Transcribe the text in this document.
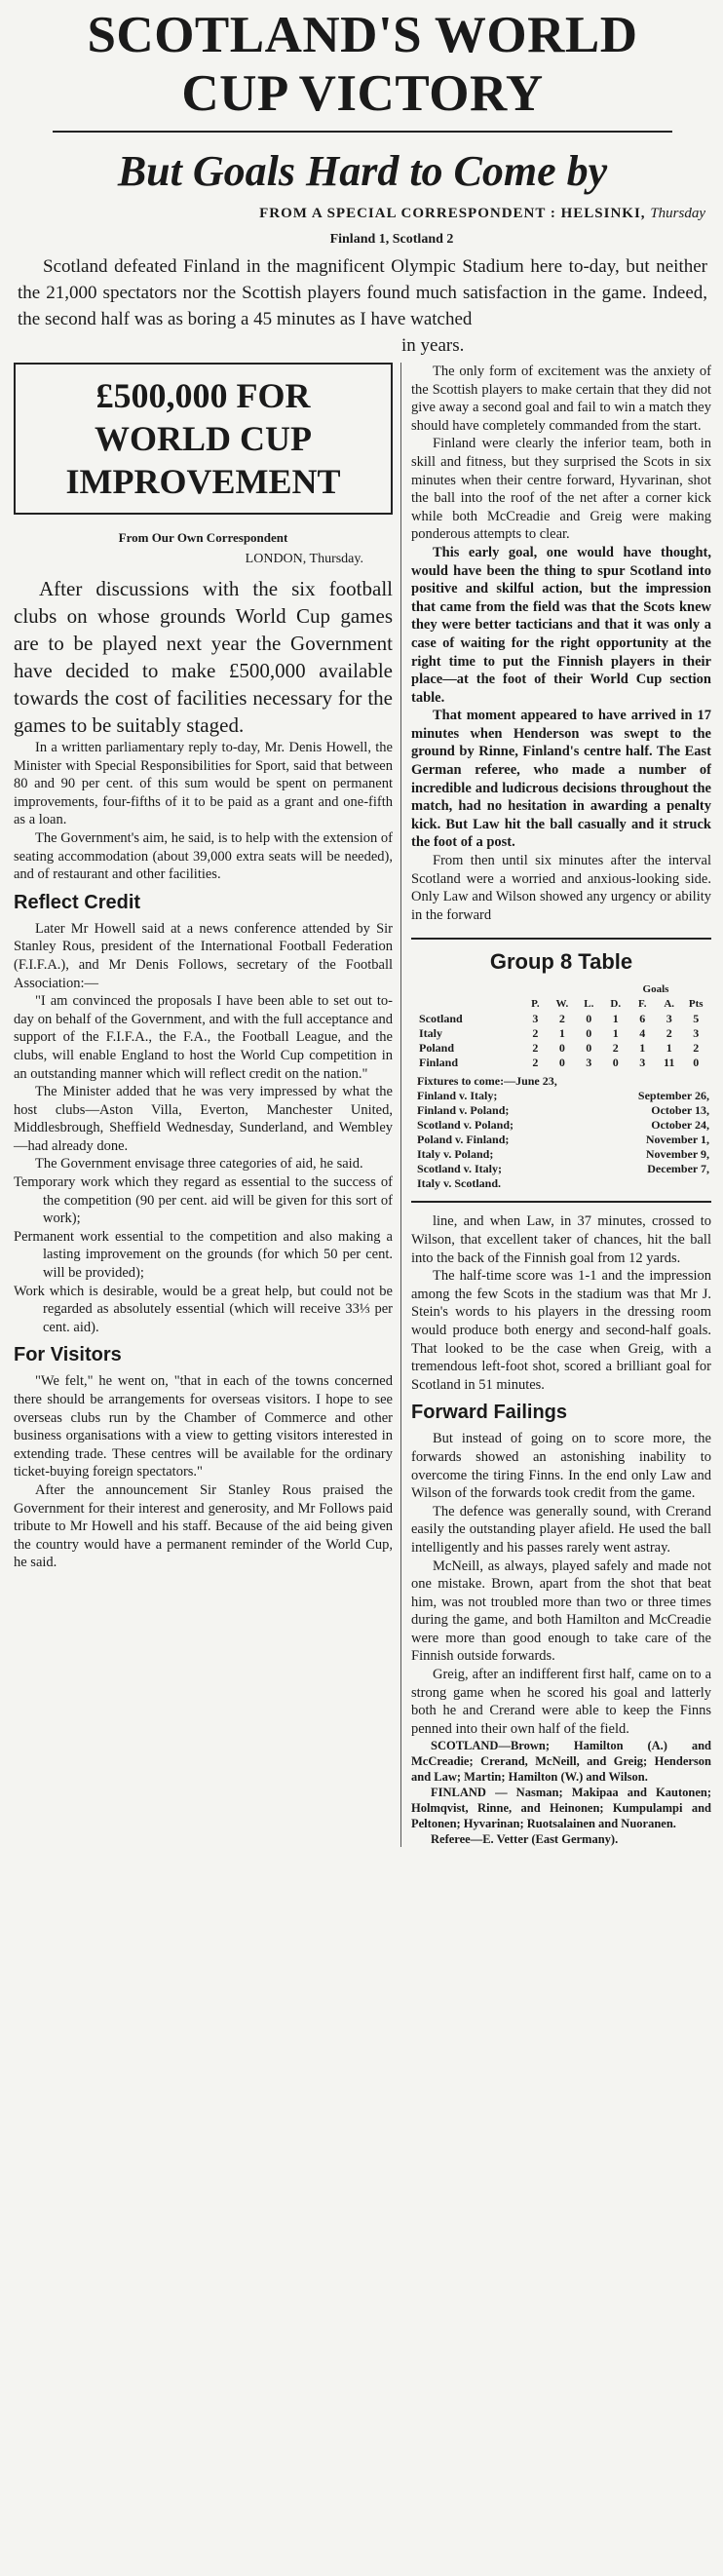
SCOTLAND'S WORLD
CUP VICTORY
But Goals Hard to Come by
FROM A SPECIAL CORRESPONDENT : HELSINKI, Thursday
Finland 1, Scotland 2

Scotland defeated Finland in the magnificent Olympic Stadium here to-day, but neither the 21,000 spectators nor the Scottish players found much satisfaction in the game. Indeed, the second half was as boring a 45 minutes as I have watched

in years.
£500,000 FOR
WORLD CUP
IMPROVEMENT
From Our Own Correspondent
LONDON, Thursday.

After discussions with the six football clubs on whose grounds World Cup games are to be played next year the Government have decided to make £500,000 available towards the cost of facilities necessary for the games to be suitably staged.

In a written parliamentary reply to-day, Mr. Denis Howell, the Minister with Special Responsibilities for Sport, said that between 80 and 90 per cent. of this sum would be spent on permanent improvements, four-fifths of it to be paid as a grant and one-fifth as a loan.

The Government's aim, he said, is to help with the extension of seating accommodation (about 39,000 extra seats will be needed), and of restaurant and other facilities.

Reflect Credit

Later Mr Howell said at a news conference attended by Sir Stanley Rous, president of the International Football Federation (F.I.F.A.), and Mr Denis Follows, secretary of the Football Association:—

"I am convinced the proposals I have been able to set out to-day on behalf of the Government, and with the full acceptance and support of the F.I.F.A., the F.A., the Football League, and the clubs, will enable England to host the World Cup competition in an outstanding manner which will reflect credit on the nation."

The Minister added that he was very impressed by what the host clubs—Aston Villa, Everton, Manchester United, Middlesbrough, Sheffield Wednesday, Sunderland, and Wembley—had already done.

The Government envisage three categories of aid, he said.

Temporary work which they regard as essential to the success of the competition (90 per cent. aid will be given for this sort of work);

Permanent work essential to the competition and also making a lasting improvement on the grounds (for which 50 per cent. will be provided);

Work which is desirable, would be a great help, but could not be regarded as absolutely essential (which will receive 33⅓ per cent. aid).

For Visitors

"We felt," he went on, "that in each of the towns concerned there should be arrangements for overseas visitors. I hope to see overseas clubs run by the Chamber of Commerce and other business organisations with a view to getting visitors interested in extending trade. These centres will be available for the ordinary ticket-buying foreign spectators."

After the announcement Sir Stanley Rous praised the Government for their interest and generosity, and Mr Follows paid tribute to Mr Howell and his staff. Because of the aid being given the country would have a permanent reminder of the World Cup, he said.

The only form of excitement was the anxiety of the Scottish players to make certain that they did not give away a second goal and fail to win a match they should have completely commanded from the start.

Finland were clearly the inferior team, both in skill and fitness, but they surprised the Scots in six minutes when their centre forward, Hyvarinan, shot the ball into the roof of the net after a corner kick while both McCreadie and Greig were making ponderous attempts to clear.

This early goal, one would have thought, would have been the thing to spur Scotland into positive and skilful action, but the impression that came from the field was that the Scots knew they were better tacticians and that it was only a case of waiting for the right opportunity at the right time to put the Finnish players in their place—at the foot of their World Cup section table.

That moment appeared to have arrived in 17 minutes when Henderson was swept to the ground by Rinne, Finland's centre half. The East German referee, who made a number of incredible and ludicrous decisions throughout the match, had no hesitation in awarding a penalty kick. But Law hit the ball casually and it struck the foot of a post.

From then until six minutes after the interval Scotland were a worried and anxious-looking side. Only Law and Wilson showed any urgency or ability in the forward

Group 8 Table
					Goals		
	P.	W.	L.	D.	F.	A.	Pts
Scotland	3	2	0	1	6	3	5
Italy	2	1	0	1	4	2	3
Poland	2	0	0	2	1	1	2
Finland	2	0	3	0	3	11	0
Fixtures to come:—June 23,
Finland v. Italy;	September 26,
Finland v. Poland;	October 13,
Scotland v. Poland;	October 24,
Poland v. Finland;	November 1,
Italy v. Poland;	November 9,
Scotland v. Italy;	December 7,
Italy v. Scotland.

line, and when Law, in 37 minutes, crossed to Wilson, that excellent taker of chances, hit the ball into the back of the Finnish goal from 12 yards.

The half-time score was 1-1 and the impression among the few Scots in the stadium was that Mr J. Stein's words to his players in the dressing room would produce both energy and second-half goals. That looked to be the case when Greig, with a tremendous left-foot shot, scored a brilliant goal for Scotland in 51 minutes.

Forward Failings

But instead of going on to score more, the forwards showed an astonishing inability to overcome the tiring Finns. In the end only Law and Wilson of the forwards took credit from the game.

The defence was generally sound, with Crerand easily the outstanding player afield. He used the ball intelligently and his passes rarely went astray.

McNeill, as always, played safely and made not one mistake. Brown, apart from the shot that beat him, was not troubled more than two or three times during the game, and both Hamilton and McCreadie were more than good enough to take care of the Finnish outside forwards.

Greig, after an indifferent first half, came on to a strong game when he scored his goal and latterly both he and Crerand were able to keep the Finns penned into their own half of the field.

SCOTLAND—Brown; Hamilton (A.) and McCreadie; Crerand, McNeill, and Greig; Henderson and Law; Martin; Hamilton (W.) and Wilson.

FINLAND — Nasman; Makipaa and Kautonen; Holmqvist, Rinne, and Heinonen; Kumpulampi and Peltonen; Hyvarinan; Ruotsalainen and Nuoranen.

Referee—E. Vetter (East Germany).
